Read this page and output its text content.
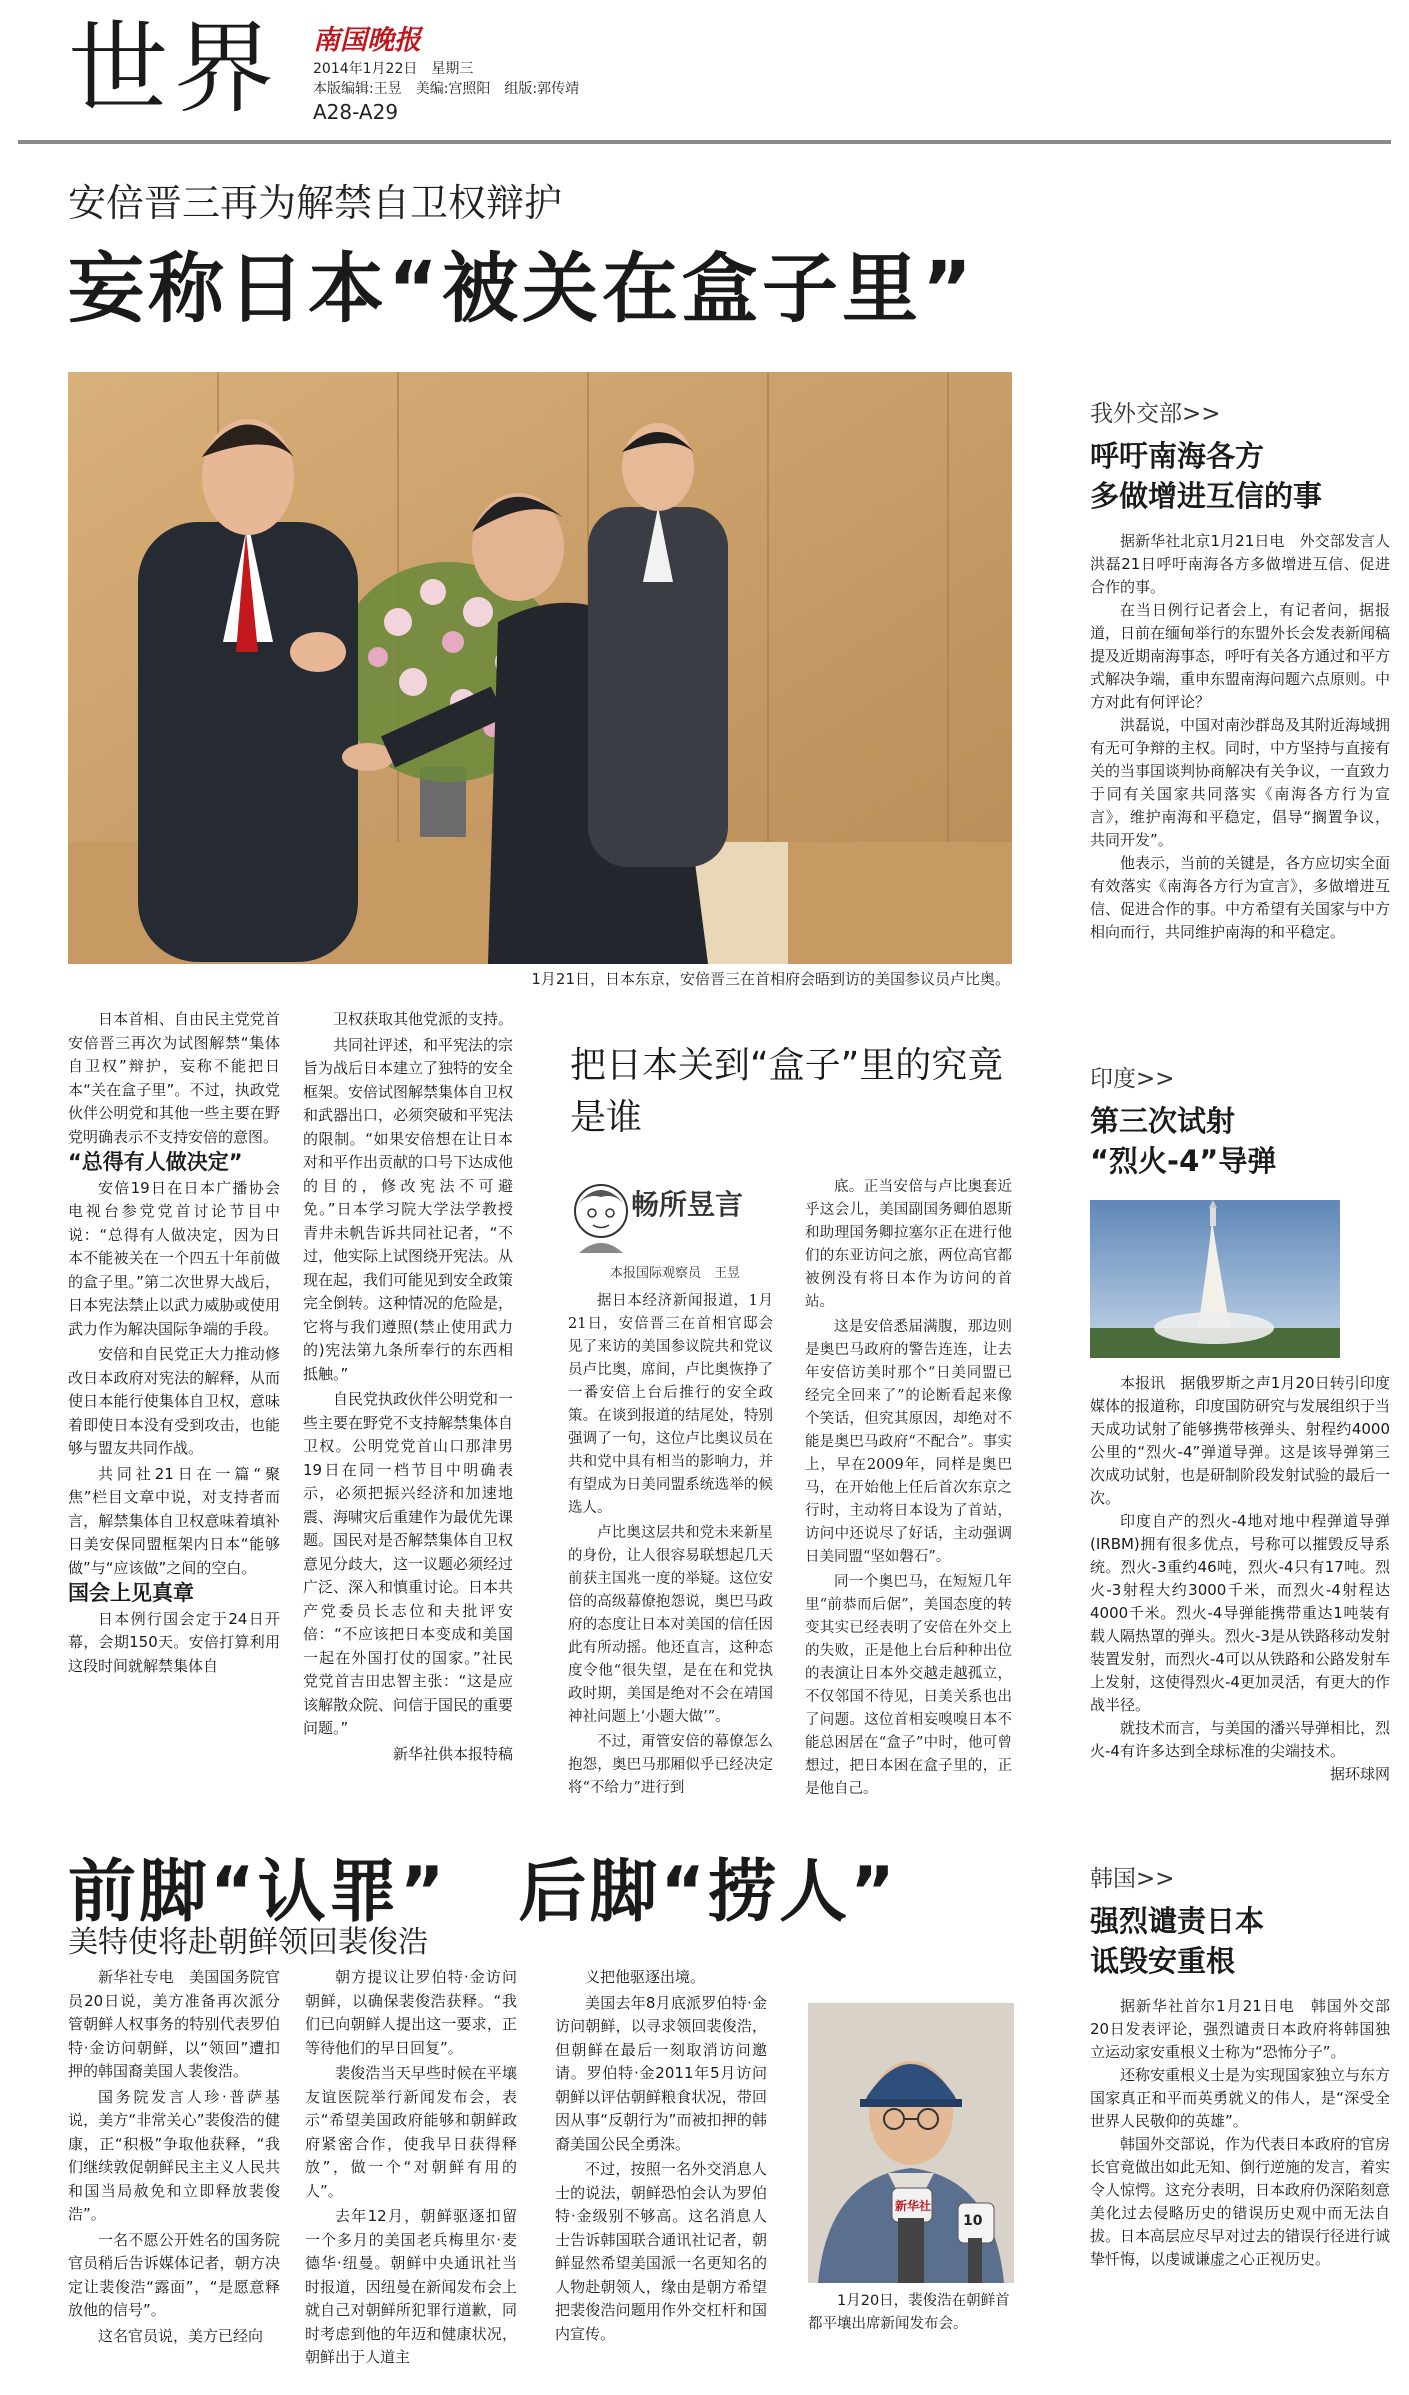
世界 南国晚报
2014年1月22日　星期三
本版编辑:王昱　美编:宫照阳　组版:郭传靖
A28-A29
安倍晋三再为解禁自卫权辩护
妄称日本“被关在盒子里”
1月21日，日本东京，安倍晋三在首相府会晤到访的美国参议员卢比奥。

日本首相、自由民主党党首安倍晋三再次为试图解禁“集体自卫权”辩护，妄称不能把日本“关在盒子里”。不过，执政党伙伴公明党和其他一些主要在野党明确表示不支持安倍的意图。

“总得有人做决定”

安倍19日在日本广播协会电视台参党党首讨论节目中说：“总得有人做决定，因为日本不能被关在一个四五十年前做的盒子里。”第二次世界大战后，日本宪法禁止以武力威胁或使用武力作为解决国际争端的手段。

安倍和自民党正大力推动修改日本政府对宪法的解释，从而使日本能行使集体自卫权，意味着即使日本没有受到攻击，也能够与盟友共同作战。

共同社21日在一篇“聚焦”栏目文章中说，对支持者而言，解禁集体自卫权意味着填补日美安保同盟框架内日本“能够做”与“应该做”之间的空白。

国会上见真章

日本例行国会定于24日开幕，会期150天。安倍打算利用这段时间就解禁集体自

卫权获取其他党派的支持。

共同社评述，和平宪法的宗旨为战后日本建立了独特的安全框架。安倍试图解禁集体自卫权和武器出口，必须突破和平宪法的限制。“如果安倍想在让日本对和平作出贡献的口号下达成他的目的，修改宪法不可避免。”日本学习院大学法学教授青井未帆告诉共同社记者，“不过，他实际上试图绕开宪法。从现在起，我们可能见到安全政策完全倒转。这种情况的危险是，它将与我们遵照(禁止使用武力的)宪法第九条所奉行的东西相抵触。”

自民党执政伙伴公明党和一些主要在野党不支持解禁集体自卫权。公明党党首山口那津男19日在同一档节目中明确表示，必须把振兴经济和加速地震、海啸灾后重建作为最优先课题。国民对是否解禁集体自卫权意见分歧大，这一议题必须经过广泛、深入和慎重讨论。日本共产党委员长志位和夫批评安倍：“不应该把日本变成和美国一起在外国打仗的国家。”社民党党首吉田忠智主张：“这是应该解散众院、问信于国民的重要问题。”

新华社供本报特稿

把日本关到“盒子”里的究竟是谁
畅所昱言
本报国际观察员　王昱

据日本经济新闻报道，1月21日，安倍晋三在首相官邸会见了来访的美国参议院共和党议员卢比奥，席间，卢比奥恢挣了一番安倍上台后推行的安全政策。在谈到报道的结尾处，特别强调了一句，这位卢比奥议员在共和党中具有相当的影响力，并有望成为日美同盟系统选举的候选人。

卢比奥这层共和党未来新星的身份，让人很容易联想起几天前获主国兆一度的举疑。这位安倍的高级幕僚抱怨说，奥巴马政府的态度让日本对美国的信任因此有所动摇。他还直言，这种态度令他“很失望，是在在和党执政时期，美国是绝对不会在靖国神社问题上‘小题大做’”。

不过，甭管安倍的幕僚怎么抱怨，奥巴马那厢似乎已经决定将“不给力”进行到

底。正当安倍与卢比奥套近乎这会儿，美国副国务卿伯恩斯和助理国务卿拉塞尔正在进行他们的东亚访问之旅，两位高官都被例没有将日本作为访问的首站。

这是安倍悉届满腹，那边则是奥巴马政府的警告连连，让去年安倍访美时那个“日美同盟已经完全回来了”的论断看起来像个笑话，但究其原因，却绝对不能是奥巴马政府“不配合”。事实上，早在2009年，同样是奥巴马，在开始他上任后首次东京之行时，主动将日本设为了首站，访问中还说尽了好话，主动强调日美同盟“坚如磐石”。

同一个奥巴马，在短短几年里“前恭而后倨”，美国态度的转变其实已经表明了安倍在外交上的失败，正是他上台后种种出位的表演让日本外交越走越孤立，不仅邻国不待见，日美关系也出了问题。这位首相妄嗅嗅日本不能总困居在“盒子”中时，他可曾想过，把日本困在盒子里的，正是他自己。

前脚“认罪”　后脚“捞人”
美特使将赴朝鲜领回裴俊浩

新华社专电　美国国务院官员20日说，美方准备再次派分管朝鲜人权事务的特别代表罗伯特·金访问朝鲜，以“领回”遭扣押的韩国裔美国人裴俊浩。

国务院发言人珍·普萨基说，美方“非常关心”裴俊浩的健康，正“积极”争取他获释，“我们继续敦促朝鲜民主主义人民共和国当局赦免和立即释放裴俊浩”。

一名不愿公开姓名的国务院官员稍后告诉媒体记者，朝方决定让裴俊浩“露面”，“是愿意释放他的信号”。

这名官员说，美方已经向

朝方提议让罗伯特·金访问朝鲜，以确保裴俊浩获释。“我们已向朝鲜人提出这一要求，正等待他们的早日回复”。

裴俊浩当天早些时候在平壤友谊医院举行新闻发布会，表示“希望美国政府能够和朝鲜政府紧密合作，使我早日获得释放”，做一个“对朝鲜有用的人”。

去年12月，朝鲜驱逐扣留一个多月的美国老兵梅里尔·麦德华·纽曼。朝鲜中央通讯社当时报道，因纽曼在新闻发布会上就自己对朝鲜所犯罪行道歉，同时考虑到他的年迈和健康状况，朝鲜出于人道主

义把他驱逐出境。

美国去年8月底派罗伯特·金访问朝鲜，以寻求领回裴俊浩，但朝鲜在最后一刻取消访问邀请。罗伯特·金2011年5月访问朝鲜以评估朝鲜粮食状况，带回因从事“反朝行为”而被扣押的韩裔美国公民全勇洙。

不过，按照一名外交消息人士的说法，朝鲜恐怕会认为罗伯特·金级别不够高。这名消息人士告诉韩国联合通讯社记者，朝鲜显然希望美国派一名更知名的人物赴朝领人，缘由是朝方希望把裴俊浩问题用作外交杠杆和国内宣传。

新华社
10
1月20日，裴俊浩在朝鲜首都平壤出席新闻发布会。
我外交部>>
呼吁南海各方
多做增进互信的事

据新华社北京1月21日电　外交部发言人洪磊21日呼吁南海各方多做增进互信、促进合作的事。

在当日例行记者会上，有记者问，据报道，日前在缅甸举行的东盟外长会发表新闻稿提及近期南海事态，呼吁有关各方通过和平方式解决争端，重申东盟南海问题六点原则。中方对此有何评论？

洪磊说，中国对南沙群岛及其附近海域拥有无可争辩的主权。同时，中方坚持与直接有关的当事国谈判协商解决有关争议，一直致力于同有关国家共同落实《南海各方行为宣言》，维护南海和平稳定，倡导“搁置争议，共同开发”。

他表示，当前的关键是，各方应切实全面有效落实《南海各方行为宣言》，多做增进互信、促进合作的事。中方希望有关国家与中方相向而行，共同维护南海的和平稳定。

印度>>
第三次试射
“烈火-4”导弹

本报讯　据俄罗斯之声1月20日转引印度媒体的报道称，印度国防研究与发展组织于当天成功试射了能够携带核弹头、射程约4000公里的“烈火-4”弹道导弹。这是该导弹第三次成功试射，也是研制阶段发射试验的最后一次。

印度自产的烈火-4地对地中程弹道导弹(IRBM)拥有很多优点，号称可以摧毁反导系统。烈火-3重约46吨，烈火-4只有17吨。烈火-3射程大约3000千米，而烈火-4射程达4000千米。烈火-4导弹能携带重达1吨装有载人隔热罩的弹头。烈火-3是从铁路移动发射装置发射，而烈火-4可以从铁路和公路发射车上发射，这使得烈火-4更加灵活，有更大的作战半径。

就技术而言，与美国的潘兴导弹相比，烈火-4有许多达到全球标准的尖端技术。

据环球网

韩国>>
强烈谴责日本
诋毁安重根

据新华社首尔1月21日电　韩国外交部20日发表评论，强烈谴责日本政府将韩国独立运动家安重根义士称为“恐怖分子”。

还称安重根义士是为实现国家独立与东方国家真正和平而英勇就义的伟人，是“深受全世界人民敬仰的英雄”。

韩国外交部说，作为代表日本政府的官房长官竟做出如此无知、倒行逆施的发言，着实令人惊愕。这充分表明，日本政府仍深陷刻意美化过去侵略历史的错误历史观中而无法自拔。日本高层应尽早对过去的错误行径进行诚挚忏悔，以虔诚谦虚之心正视历史。
